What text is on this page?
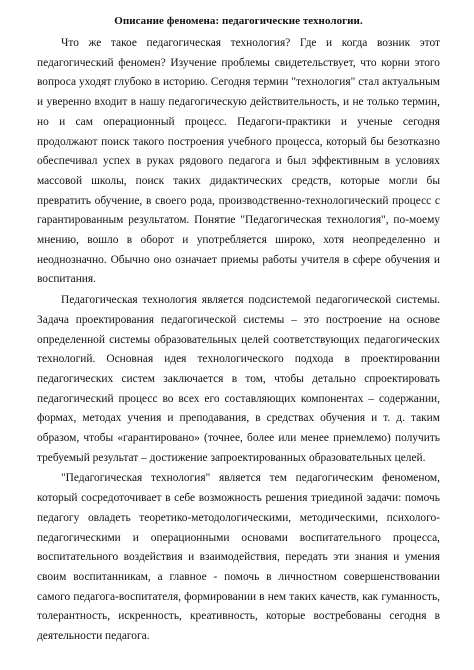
Описание феномена: педагогические технологии.

Что же такое педагогическая технология? Где и когда возник этот педагогический феномен? Изучение проблемы свидетельствует, что корни этого вопроса уходят глубоко в историю. Сегодня термин "технология" стал актуальным и уверенно входит в нашу педагогическую действительность, и не только термин, но и сам операционный процесс. Педагоги-практики и ученые сегодня продолжают поиск такого построения учебного процесса, который бы безотказно обеспечивал успех в руках рядового педагога и был эффективным в условиях массовой школы, поиск таких дидактических средств, которые могли бы превратить обучение, в своего рода, производственно-технологический процесс с гарантированным результатом. Понятие "Педагогическая технология", по-моему мнению, вошло в оборот и употребляется широко, хотя неопределенно и неоднозначно. Обычно оно означает приемы работы учителя в сфере обучения и воспитания.

Педагогическая технология является подсистемой педагогической системы. Задача проектирования педагогической системы – это построение на основе определенной системы образовательных целей соответствующих педагогических технологий. Основная идея технологического подхода в проектировании педагогических систем заключается в том, чтобы детально спроектировать педагогический процесс во всех его составляющих компонентах – содержании, формах, методах учения и преподавания, в средствах обучения и т. д. таким образом, чтобы «гарантировано» (точнее, более или менее приемлемо) получить требуемый результат – достижение запроектированных образовательных целей.

"Педагогическая технология" является тем педагогическим феноменом, который сосредоточивает в себе возможность решения триединой задачи: помочь педагогу овладеть теоретико-методологическими, методическими, психолого-педагогическими и операционными основами воспитательного процесса, воспитательного воздействия и взаимодействия, передать эти знания и умения своим воспитанникам, а главное - помочь в личностном совершенствовании самого педагога-воспитателя, формировании в нем таких качеств, как гуманность, толерантность, искренность, креативность, которые востребованы сегодня в деятельности педагога.
